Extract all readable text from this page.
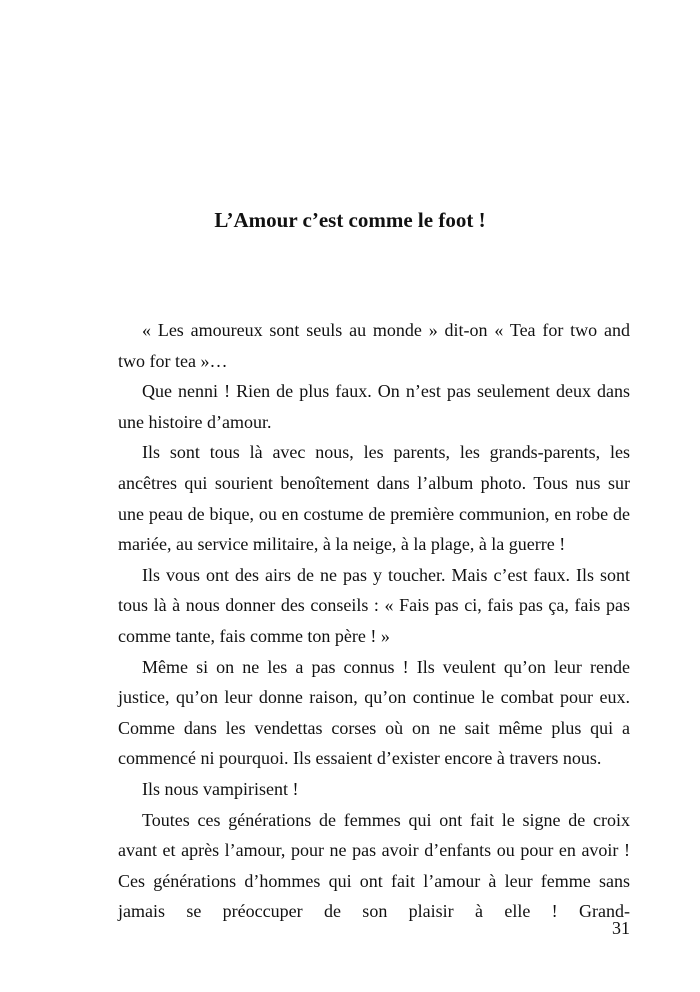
L’Amour c’est comme le foot !

« Les amoureux sont seuls au monde » dit-on « Tea for two and two for tea »…

Que nenni ! Rien de plus faux. On n’est pas seulement deux dans une histoire d’amour.

Ils sont tous là avec nous, les parents, les grands-parents, les ancêtres qui sourient benoîtement dans l’album photo. Tous nus sur une peau de bique, ou en costume de première communion, en robe de mariée, au service militaire, à la neige, à la plage, à la guerre !

Ils vous ont des airs de ne pas y toucher. Mais c’est faux. Ils sont tous là à nous donner des conseils : « Fais pas ci, fais pas ça, fais pas comme tante, fais comme ton père ! »

Même si on ne les a pas connus ! Ils veulent qu’on leur rende justice, qu’on leur donne raison, qu’on continue le combat pour eux. Comme dans les vendettas corses où on ne sait même plus qui a commencé ni pourquoi. Ils essaient d’exister encore à travers nous.

Ils nous vampirisent !

Toutes ces générations de femmes qui ont fait le signe de croix avant et après l’amour, pour ne pas avoir d’enfants ou pour en avoir ! Ces générations d’hommes qui ont fait l’amour à leur femme sans jamais se préoccuper de son plaisir à elle ! Grand-

31
